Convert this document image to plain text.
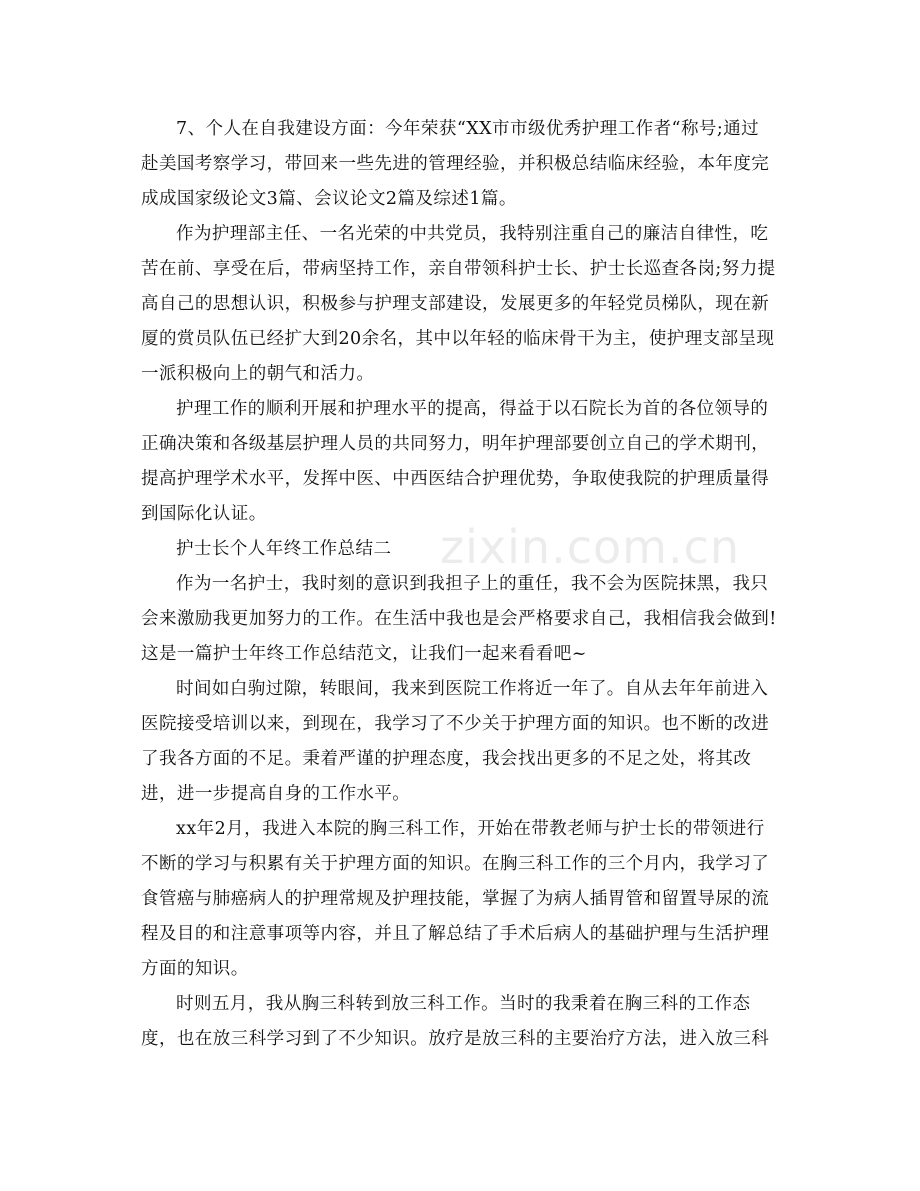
zixin.com.cn
7、个人在自我建设方面：今年荣获“XX市市级优秀护理工作者“称号;通过
赴美国考察学习，带回来一些先进的管理经验，并积极总结临床经验，本年度完
成成国家级论文3篇、会议论文2篇及综述1篇。
作为护理部主任、一名光荣的中共党员，我特别注重自己的廉洁自律性，吃
苦在前、享受在后，带病坚持工作，亲自带领科护士长、护士长巡查各岗;努力提
高自己的思想认识，积极参与护理支部建设，发展更多的年轻党员梯队，现在新
厦的赏员队伍已经扩大到20余名，其中以年轻的临床骨干为主，使护理支部呈现
一派积极向上的朝气和活力。
护理工作的顺利开展和护理水平的提高，得益于以石院长为首的各位领导的
正确决策和各级基层护理人员的共同努力，明年护理部要创立自己的学术期刊，
提高护理学术水平，发挥中医、中西医结合护理优势，争取使我院的护理质量得
到国际化认证。
护士长个人年终工作总结二
作为一名护士，我时刻的意识到我担子上的重任，我不会为医院抹黑，我只
会来激励我更加努力的工作。在生活中我也是会严格要求自己，我相信我会做到!
这是一篇护士年终工作总结范文，让我们一起来看看吧~
时间如白驹过隙，转眼间，我来到医院工作将近一年了。自从去年年前进入
医院接受培训以来，到现在，我学习了不少关于护理方面的知识。也不断的改进
了我各方面的不足。秉着严谨的护理态度，我会找出更多的不足之处，将其改
进，进一步提高自身的工作水平。
xx年2月，我进入本院的胸三科工作，开始在带教老师与护士长的带领进行
不断的学习与积累有关于护理方面的知识。在胸三科工作的三个月内，我学习了
食管癌与肺癌病人的护理常规及护理技能，掌握了为病人插胃管和留置导尿的流
程及目的和注意事项等内容，并且了解总结了手术后病人的基础护理与生活护理
方面的知识。
时则五月，我从胸三科转到放三科工作。当时的我秉着在胸三科的工作态
度，也在放三科学习到了不少知识。放疗是放三科的主要治疗方法，进入放三科
